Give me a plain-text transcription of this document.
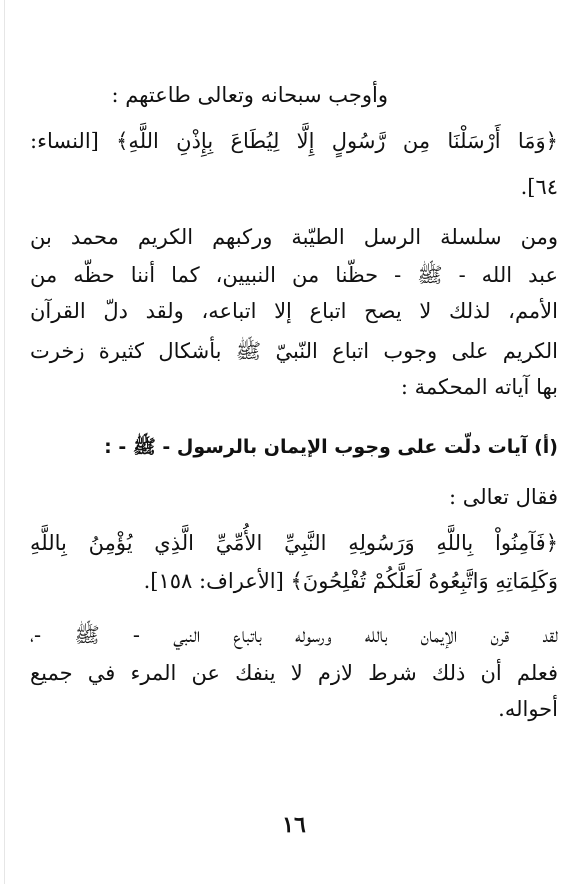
وأوجب سبحانه وتعالى طاعتهم :
﴿وَمَا أَرْسَلْنَا مِن رَّسُولٍ إِلَّا لِيُطَاعَ بِإِذْنِ اللَّهِ﴾ [النساء:
٦٤].
ومن سلسلة الرسل الطيّبة وركبهم الكريم محمد بن
عبد الله - ﷺ - حظّنا من النبيين، كما أننا حظّه من
الأمم، لذلك لا يصح اتباع إلا اتباعه، ولقد دلّ القرآن
الكريم على وجوب اتباع النّبيّ ﷺ بأشكال كثيرة زخرت
بها آياته المحكمة :
(أ) آيات دلّت على وجوب الإيمان بالرسول - ﷺ - :
فقال تعالى :
﴿فَآمِنُواْ بِاللَّهِ وَرَسُولِهِ النَّبِيِّ الأُمِّيِّ الَّذِي يُؤْمِنُ بِاللَّهِ
وَكَلِمَاتِهِ وَاتَّبِعُوهُ لَعَلَّكُمْ تُفْلِحُونَ﴾ [الأعراف: ١٥٨].
لقد قرن الإيمان بالله ورسوله باتباع النبي - ﷺ -،
فعلم أن ذلك شرط لازم لا ينفك عن المرء في جميع
أحواله.
١٦
